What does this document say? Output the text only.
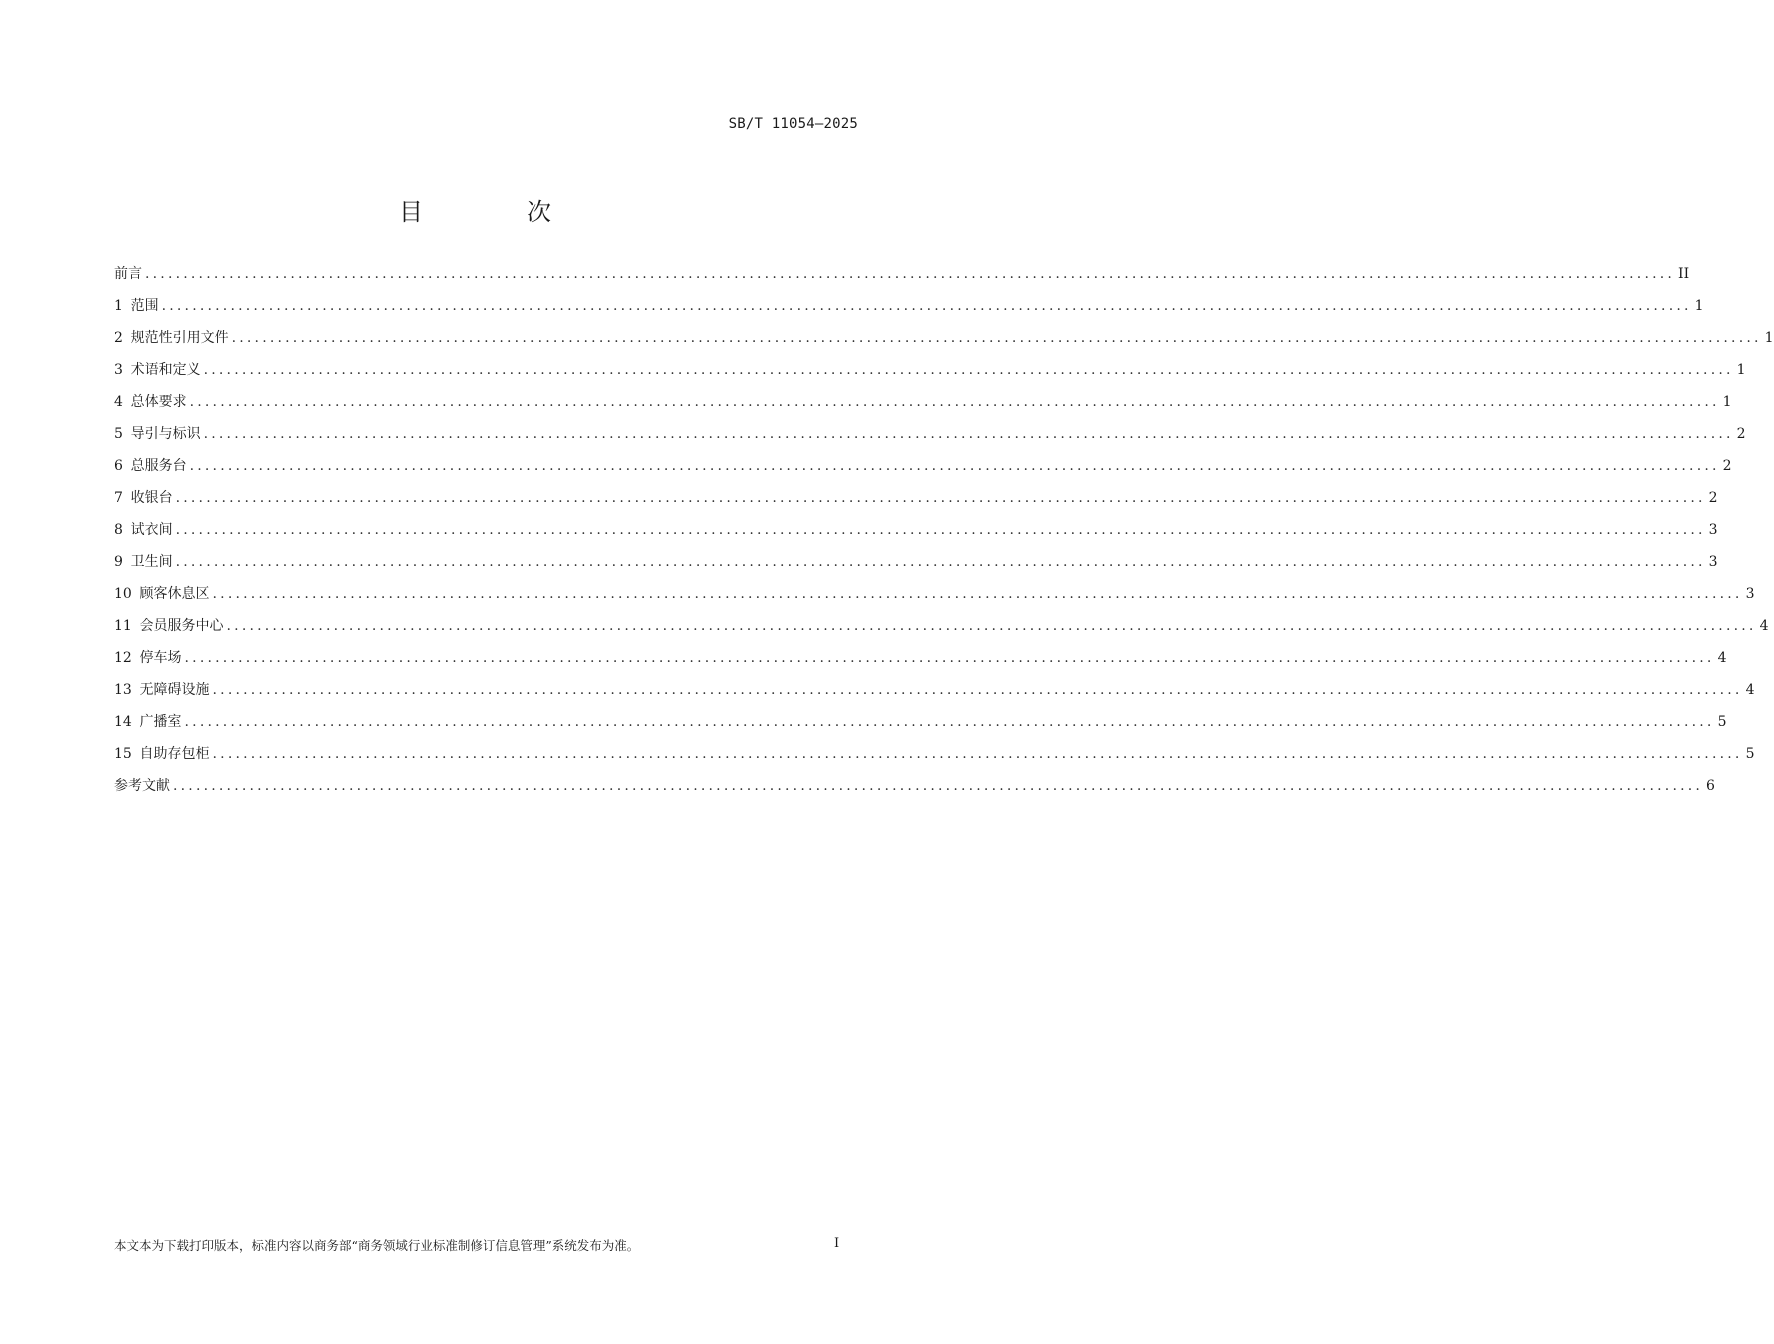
SB/T 11054—2025
目　次
前言 ........................................................................................................................................................................................................ II
1 范围 ........................................................................................................................................................................................................ 1
2 规范性引用文件 ........................................................................................................................................................................................................ 1
3 术语和定义 ........................................................................................................................................................................................................ 1
4 总体要求 ........................................................................................................................................................................................................ 1
5 导引与标识 ........................................................................................................................................................................................................ 2
6 总服务台 ........................................................................................................................................................................................................ 2
7 收银台 ........................................................................................................................................................................................................ 2
8 试衣间 ........................................................................................................................................................................................................ 3
9 卫生间 ........................................................................................................................................................................................................ 3
10 顾客休息区 ........................................................................................................................................................................................................ 3
11 会员服务中心 ........................................................................................................................................................................................................ 4
12 停车场 ........................................................................................................................................................................................................ 4
13 无障碍设施 ........................................................................................................................................................................................................ 4
14 广播室 ........................................................................................................................................................................................................ 5
15 自助存包柜 ........................................................................................................................................................................................................ 5
参考文献 ........................................................................................................................................................................................................ 6
本文本为下载打印版本，标准内容以商务部“商务领域行业标准制修订信息管理”系统发布为准。	I
